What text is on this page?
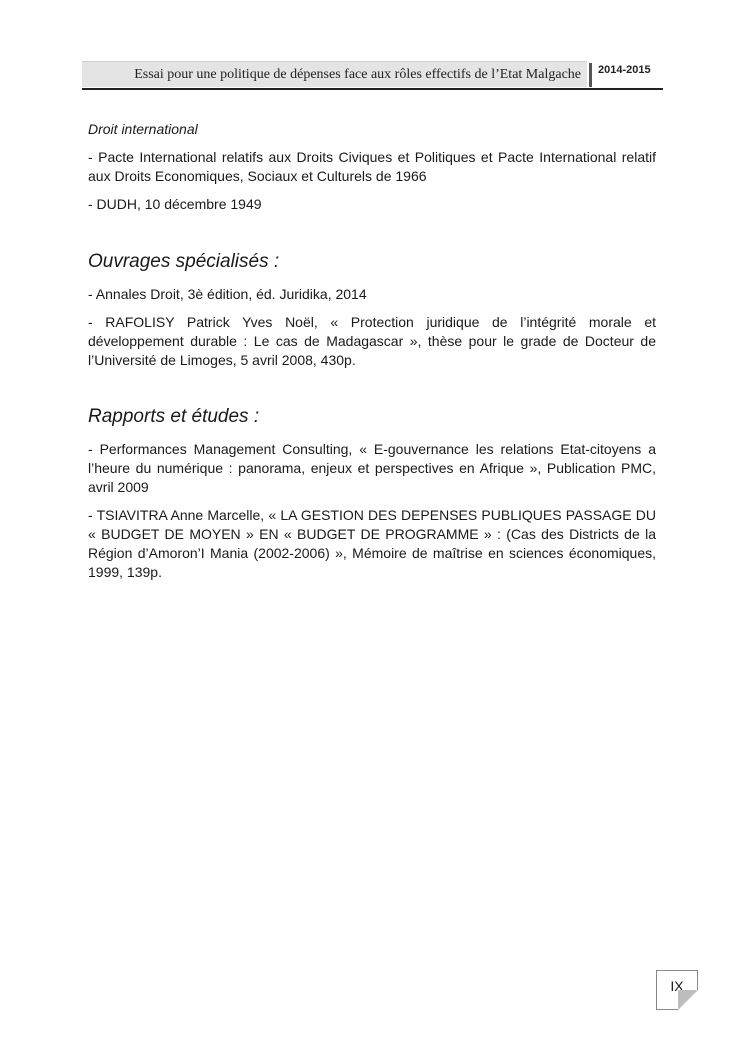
Essai pour une politique de dépenses face aux rôles effectifs de l’Etat Malgache	2014-2015

Droit international

- Pacte International relatifs aux Droits Civiques et Politiques et Pacte International relatif aux Droits Economiques, Sociaux et Culturels de 1966

- DUDH, 10 décembre 1949

Ouvrages spécialisés :

- Annales Droit, 3è édition, éd. Juridika, 2014

- RAFOLISY Patrick Yves Noël, « Protection juridique de l’intégrité morale et développement durable : Le cas de Madagascar », thèse pour le grade de Docteur de l’Université de Limoges, 5 avril 2008, 430p.

Rapports et études :

- Performances Management Consulting, « E-gouvernance les relations Etat-citoyens a l’heure du numérique : panorama, enjeux et perspectives en Afrique », Publication PMC, avril 2009

- TSIAVITRA Anne Marcelle, « LA GESTION DES DEPENSES PUBLIQUES PASSAGE DU « BUDGET DE MOYEN » EN « BUDGET DE PROGRAMME » : (Cas des Districts de la Région d’Amoron’I Mania (2002-2006) », Mémoire de maîtrise en sciences économiques, 1999, 139p.

IX
